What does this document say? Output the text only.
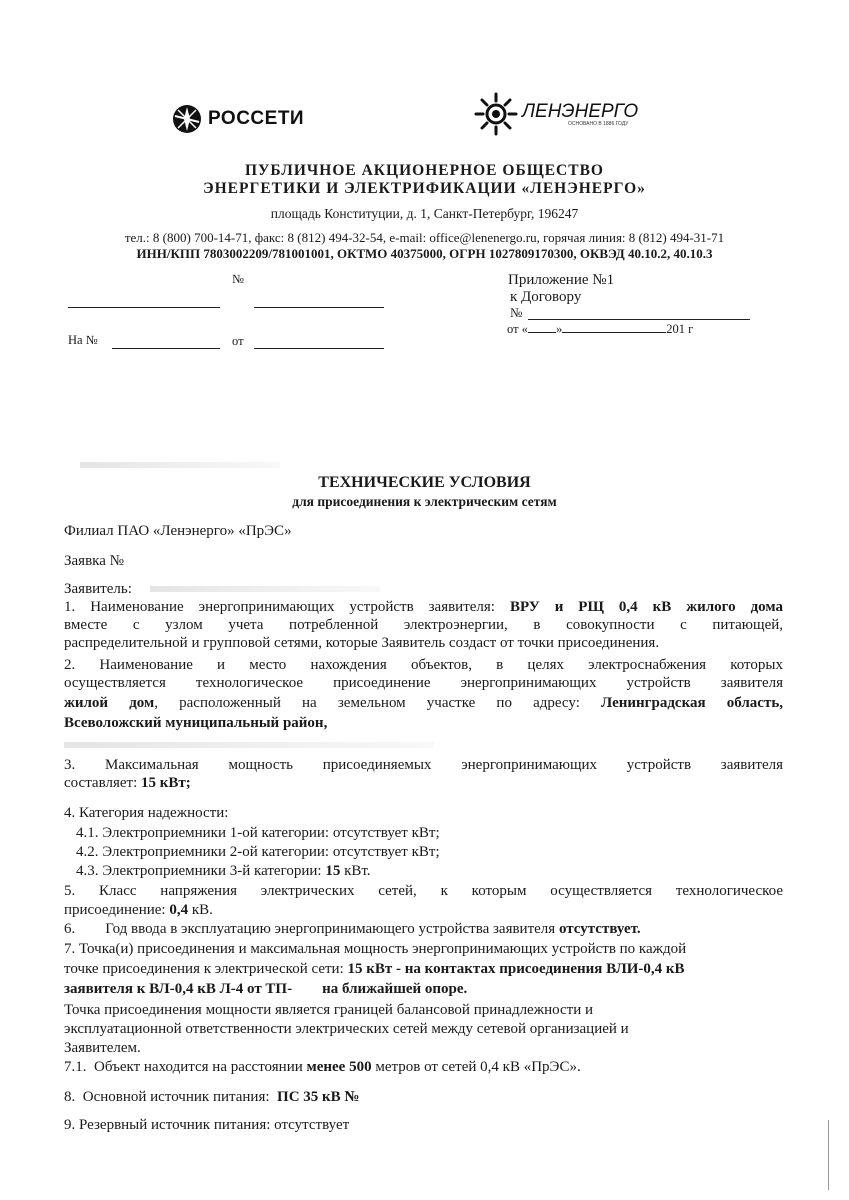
РОССЕТИ	ЛЕНЭНЕРГО
ОСНОВАНО В 1886 ГОДУ
ПУБЛИЧНОЕ АКЦИОНЕРНОЕ ОБЩЕСТВО
ЭНЕРГЕТИКИ И ЭЛЕКТРИФИКАЦИИ «ЛЕНЭНЕРГО»
площадь Конституции, д. 1, Санкт-Петербург, 196247
тел.: 8 (800) 700-14-71, факс: 8 (812) 494-32-54, e-mail: office@lenenergo.ru, горячая линия: 8 (812) 494-31-71
ИНН/КПП 7803002209/781001001, ОКТМО 40375000, ОГРН 1027809170300, ОКВЭД 40.10.2, 40.10.3
№
На №	от
Приложение №1
к Договору
№
от « »	201 г
ТЕХНИЧЕСКИЕ УСЛОВИЯ
для присоединения к электрическим сетям
Филиал ПАО «Ленэнерго» «ПрЭС»
Заявка №
Заявитель:
1. Наименование энергопринимающих устройств заявителя: ВРУ и РЩ 0,4 кВ жилого дома
вместе с узлом учета потребленной электроэнергии, в совокупности с питающей,
распределительной и групповой сетями, которые Заявитель создаст от точки присоединения.
2. Наименование и место нахождения объектов, в целях электроснабжения которых
осуществляется технологическое присоединение энергопринимающих устройств заявителя
жилой дом, расположенный на земельном участке по адресу: Ленинградская область,
Всеволожский муниципальный район,
3. Максимальная мощность присоединяемых энергопринимающих устройств заявителя
составляет: 15 кВт;
4. Категория надежности:
4.1. Электроприемники 1-ой категории: отсутствует кВт;
4.2. Электроприемники 2-ой категории: отсутствует кВт;
4.3. Электроприемники 3-й категории: 15 кВт.
5. Класс напряжения электрических сетей, к которым осуществляется технологическое
присоединение: 0,4 кВ.
6.        Год ввода в эксплуатацию энергопринимающего устройства заявителя отсутствует.
7. Точка(и) присоединения и максимальная мощность энергопринимающих устройств по каждой
точке присоединения к электрической сети: 15 кВт - на контактах присоединения ВЛИ-0,4 кВ
заявителя к ВЛ-0,4 кВ Л-4 от ТП-        на ближайшей опоре.
Точка присоединения мощности является границей балансовой принадлежности и
эксплуатационной ответственности электрических сетей между сетевой организацией и
Заявителем.
7.1.  Объект находится на расстоянии менее 500 метров от сетей 0,4 кВ «ПрЭС».
8.  Основной источник питания:  ПС 35 кВ №
9. Резервный источник питания: отсутствует
